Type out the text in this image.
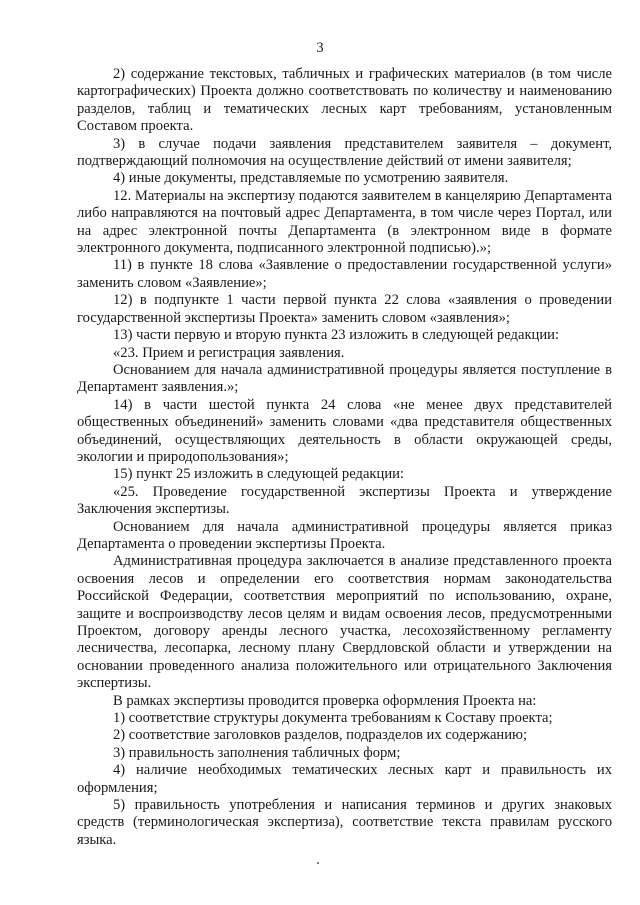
3

2) содержание текстовых, табличных и графических материалов (в том числе картографических) Проекта должно соответствовать по количеству и наименованию разделов, таблиц и тематических лесных карт требованиям, установленным Составом проекта.

3) в случае подачи заявления представителем заявителя – документ, подтверждающий полномочия на осуществление действий от имени заявителя;

4) иные документы, представляемые по усмотрению заявителя.

12. Материалы на экспертизу подаются заявителем в канцелярию Департамента либо направляются на почтовый адрес Департамента, в том числе через Портал, или на адрес электронной почты Департамента (в электронном виде в формате электронного документа, подписанного электронной подписью).»;

11) в пункте 18 слова «Заявление о предоставлении государственной услуги» заменить словом «Заявление»;

12) в подпункте 1 части первой пункта 22 слова «заявления о проведении государственной экспертизы Проекта» заменить словом «заявления»;

13) части первую и вторую пункта 23 изложить в следующей редакции:

«23. Прием и регистрация заявления.

Основанием для начала административной процедуры является поступление в Департамент заявления.»;

14) в части шестой пункта 24 слова «не менее двух представителей общественных объединений» заменить словами «два представителя общественных объединений, осуществляющих деятельность в области окружающей среды, экологии и природопользования»;

15) пункт 25 изложить в следующей редакции:

«25. Проведение государственной экспертизы Проекта и утверждение Заключения экспертизы.

Основанием для начала административной процедуры является приказ Департамента о проведении экспертизы Проекта.

Административная процедура заключается в анализе представленного проекта освоения лесов и определении его соответствия нормам законодательства Российской Федерации, соответствия мероприятий по использованию, охране, защите и воспроизводству лесов целям и видам освоения лесов, предусмотренными Проектом, договору аренды лесного участка, лесохозяйственному регламенту лесничества, лесопарка, лесному плану Свердловской области и утверждении на основании проведенного анализа положительного или отрицательного Заключения экспертизы.

В рамках экспертизы проводится проверка оформления Проекта на:

1) соответствие структуры документа требованиям к Составу проекта;

2) соответствие заголовков разделов, подразделов их содержанию;

3) правильность заполнения табличных форм;

4) наличие необходимых тематических лесных карт и правильность их оформления;

5) правильность употребления и написания терминов и других знаковых средств (терминологическая экспертиза), соответствие текста правилам русского языка.
